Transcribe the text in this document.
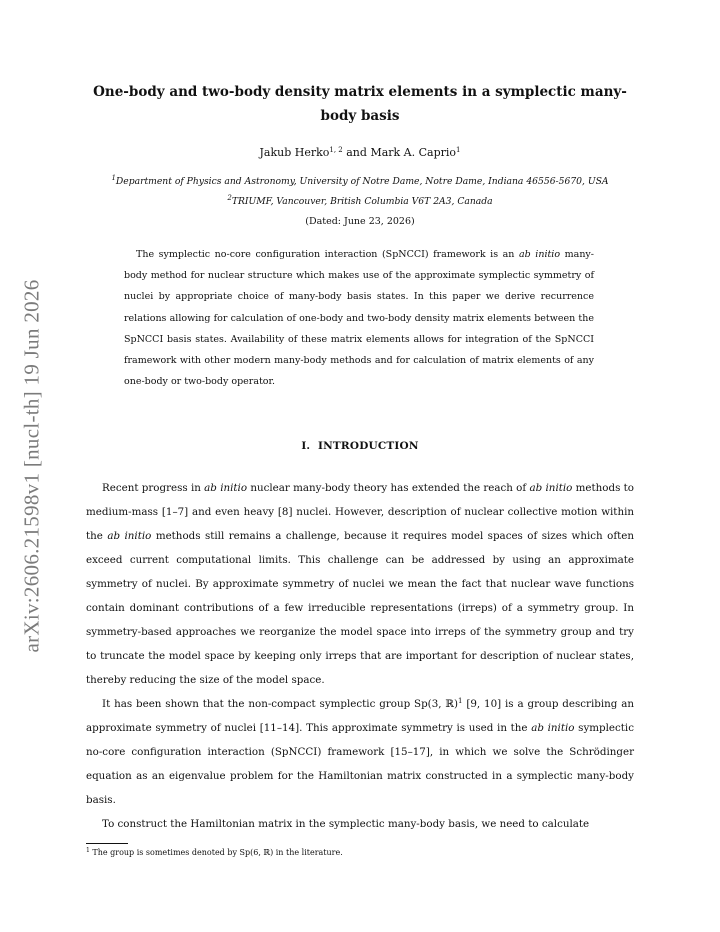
arXiv:2606.21598v1 [nucl-th] 19 Jun 2026
One-body and two-body density matrix elements in a symplectic many-body basis
Jakub Herko$^{1, 2}$ and Mark A. Caprio$^1$
$^1$Department of Physics and Astronomy, University of Notre Dame, Notre Dame, Indiana 46556-5670, USA
$^2$TRIUMF, Vancouver, British Columbia V6T 2A3, Canada
(Dated: June 23, 2026)
The symplectic no-core configuration interaction (SpNCCI) framework is an ab initio many-body method for nuclear structure which makes use of the approximate symplectic symmetry of nuclei by appropriate choice of many-body basis states. In this paper we derive recurrence relations allowing for calculation of one-body and two-body density matrix elements between the SpNCCI basis states. Availability of these matrix elements allows for integration of the SpNCCI framework with other modern many-body methods and for calculation of matrix elements of any one-body or two-body operator.
I. INTRODUCTION

Recent progress in ab initio nuclear many-body theory has extended the reach of ab initio methods to medium-mass [1–7] and even heavy [8] nuclei. However, description of nuclear collective motion within the ab initio methods still remains a challenge, because it requires model spaces of sizes which often exceed current computational limits. This challenge can be addressed by using an approximate symmetry of nuclei. By approximate symmetry of nuclei we mean the fact that nuclear wave functions contain dominant contributions of a few irreducible representations (irreps) of a symmetry group. In symmetry-based approaches we reorganize the model space into irreps of the symmetry group and try to truncate the model space by keeping only irreps that are important for description of nuclear states, thereby reducing the size of the model space.

It has been shown that the non-compact symplectic group Sp(3, ℝ)$^1$ [9, 10] is a group describing an approximate symmetry of nuclei [11–14]. This approximate symmetry is used in the ab initio symplectic no-core configuration interaction (SpNCCI) framework [15–17], in which we solve the Schrödinger equation as an eigenvalue problem for the Hamiltonian matrix constructed in a symplectic many-body basis.

To construct the Hamiltonian matrix in the symplectic many-body basis, we need to calculate

$^1$ The group is sometimes denoted by Sp(6, ℝ) in the literature.
